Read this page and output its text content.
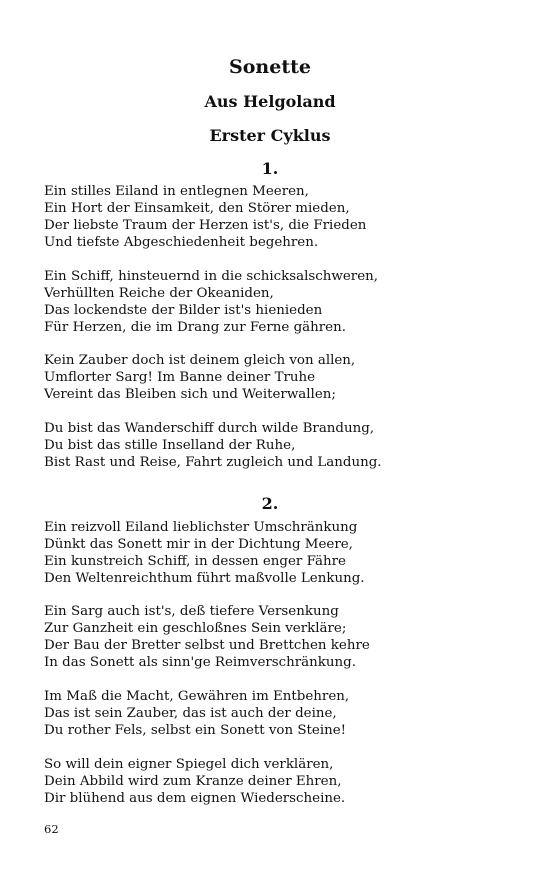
Sonette
Aus Helgoland
Erster Cyklus
1.
Ein stilles Eiland in entlegnen Meeren,
Ein Hort der Einsamkeit, den Störer mieden,
Der liebste Traum der Herzen ist's, die Frieden
Und tiefste Abgeschiedenheit begehren.
Ein Schiff, hinsteuernd in die schicksalschweren,
Verhüllten Reiche der Okeaniden,
Das lockendste der Bilder ist's hienieden
Für Herzen, die im Drang zur Ferne gähren.
Kein Zauber doch ist deinem gleich von allen,
Umflorter Sarg! Im Banne deiner Truhe
Vereint das Bleiben sich und Weiterwallen;
Du bist das Wanderschiff durch wilde Brandung,
Du bist das stille Inselland der Ruhe,
Bist Rast und Reise, Fahrt zugleich und Landung.
2.
Ein reizvoll Eiland lieblichster Umschränkung
Dünkt das Sonett mir in der Dichtung Meere,
Ein kunstreich Schiff, in dessen enger Fähre
Den Weltenreichthum führt maßvolle Lenkung.
Ein Sarg auch ist's, deß tiefere Versenkung
Zur Ganzheit ein geschloßnes Sein verkläre;
Der Bau der Bretter selbst und Brettchen kehre
In das Sonett als sinn'ge Reimverschränkung.
Im Maß die Macht, Gewähren im Entbehren,
Das ist sein Zauber, das ist auch der deine,
Du rother Fels, selbst ein Sonett von Steine!
So will dein eigner Spiegel dich verklären,
Dein Abbild wird zum Kranze deiner Ehren,
Dir blühend aus dem eignen Wiederscheine.
62
